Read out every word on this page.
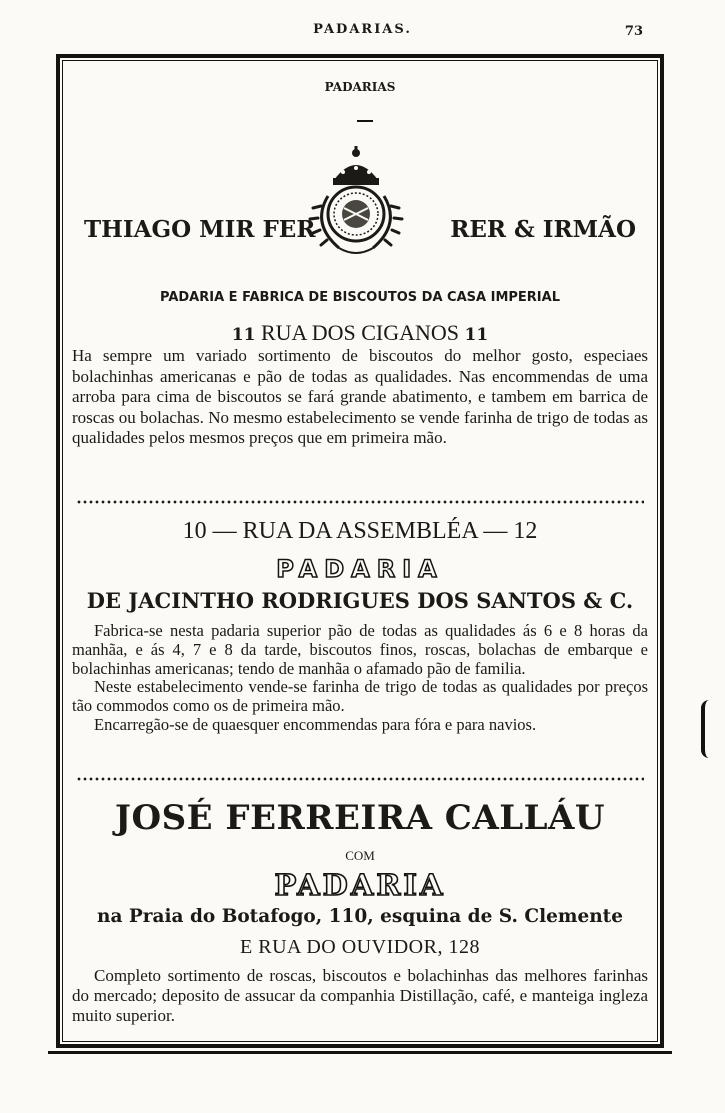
PADARIAS.	73
PADARIAS
THIAGO MIR FER	RER & IRMÃO
PADARIA E FABRICA DE BISCOUTOS DA CASA IMPERIAL
11 RUA DOS CIGANOS 11
Ha sempre um variado sortimento de biscoutos do melhor gosto, especiaes bolachinhas americanas e pão de todas as qualidades. Nas encommendas de uma arroba para cima de biscoutos se fará grande abatimento, e tambem em barrica de roscas ou bolachas. No mesmo estabelecimento se vende farinha de trigo de todas as qualidades pelos mesmos preços que em primeira mão.
10 — RUA DA ASSEMBLÉA — 12
PADARIA
DE JACINTHO RODRIGUES DOS SANTOS & C.

Fabrica-se nesta padaria superior pão de todas as qualidades ás 6 e 8 horas da manhãa, e ás 4, 7 e 8 da tarde, biscoutos finos, roscas, bolachas de embarque e bolachinhas americanas; tendo de manhãa o afamado pão de familia.

Neste estabelecimento vende-se farinha de trigo de todas as qualidades por preços tão commodos como os de primeira mão.

Encarregão-se de quaesquer encommendas para fóra e para navios.

JOSÉ FERREIRA CALLÁU
COM
PADARIA
na Praia do Botafogo, 110, esquina de S. Clemente
E RUA DO OUVIDOR, 128
Completo sortimento de roscas, biscoutos e bolachinhas das melhores farinhas do mercado; deposito de assucar da companhia Distillação, café, e manteiga ingleza muito superior.
